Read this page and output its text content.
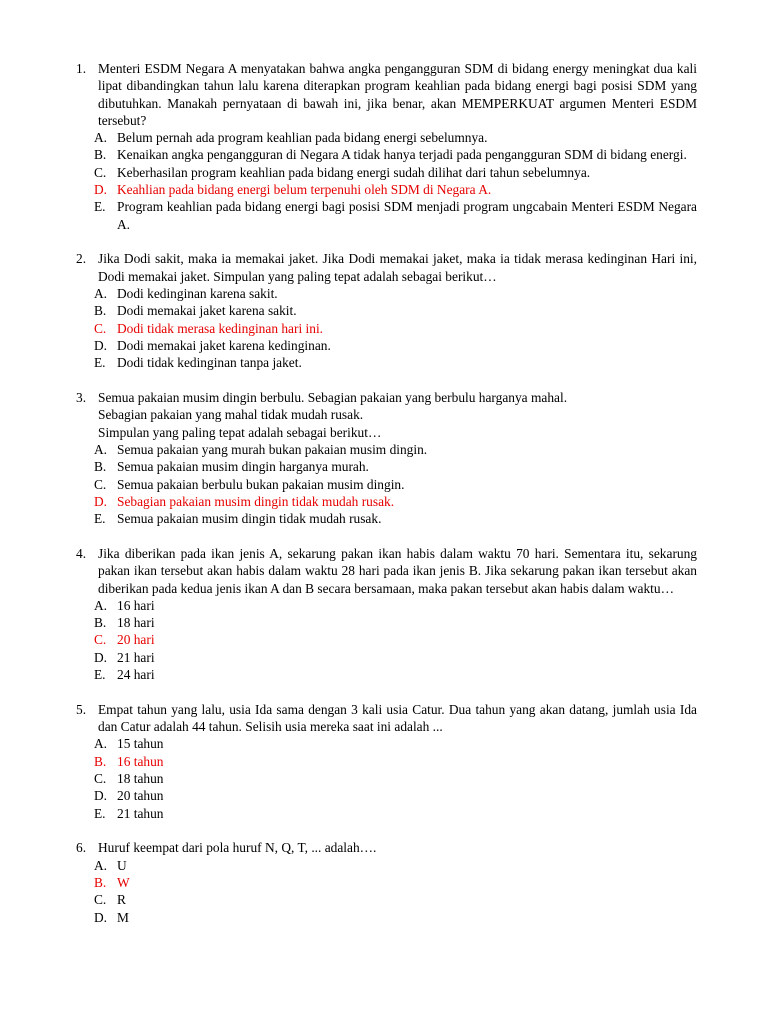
1. Menteri ESDM Negara A menyatakan bahwa angka pengangguran SDM di bidang energy meningkat dua kali lipat dibandingkan tahun lalu karena diterapkan program keahlian pada bidang energi bagi posisi SDM yang dibutuhkan. Manakah pernyataan di bawah ini, jika benar, akan MEMPERKUAT argumen Menteri ESDM tersebut?
A. Belum pernah ada program keahlian pada bidang energi sebelumnya.
B. Kenaikan angka pengangguran di Negara A tidak hanya terjadi pada pengangguran SDM di bidang energi.
C. Keberhasilan program keahlian pada bidang energi sudah dilihat dari tahun sebelumnya.
D. Keahlian pada bidang energi belum terpenuhi oleh SDM di Negara A.
E. Program keahlian pada bidang energi bagi posisi SDM menjadi program ungcabain Menteri ESDM Negara A.
2. Jika Dodi sakit, maka ia memakai jaket. Jika Dodi memakai jaket, maka ia tidak merasa kedinginan Hari ini, Dodi memakai jaket. Simpulan yang paling tepat adalah sebagai berikut…
A. Dodi kedinginan karena sakit.
B. Dodi memakai jaket karena sakit.
C. Dodi tidak merasa kedinginan hari ini.
D. Dodi memakai jaket karena kedinginan.
E. Dodi tidak kedinginan tanpa jaket.
3. Semua pakaian musim dingin berbulu. Sebagian pakaian yang berbulu harganya mahal.
Sebagian pakaian yang mahal tidak mudah rusak.
Simpulan yang paling tepat adalah sebagai berikut…
A. Semua pakaian yang murah bukan pakaian musim dingin.
B. Semua pakaian musim dingin harganya murah.
C. Semua pakaian berbulu bukan pakaian musim dingin.
D. Sebagian pakaian musim dingin tidak mudah rusak.
E. Semua pakaian musim dingin tidak mudah rusak.
4. Jika diberikan pada ikan jenis A, sekarung pakan ikan habis dalam waktu 70 hari. Sementara itu, sekarung pakan ikan tersebut akan habis dalam waktu 28 hari pada ikan jenis B. Jika sekarung pakan ikan tersebut akan diberikan pada kedua jenis ikan A dan B secara bersamaan, maka pakan tersebut akan habis dalam waktu…
A. 16 hari
B. 18 hari
C. 20 hari
D. 21 hari
E. 24 hari
5. Empat tahun yang lalu, usia Ida sama dengan 3 kali usia Catur. Dua tahun yang akan datang, jumlah usia Ida dan Catur adalah 44 tahun. Selisih usia mereka saat ini adalah ...
A. 15 tahun
B. 16 tahun
C. 18 tahun
D. 20 tahun
E. 21 tahun
6. Huruf keempat dari pola huruf N, Q, T, ... adalah….
A. U
B. W
C. R
D. M
